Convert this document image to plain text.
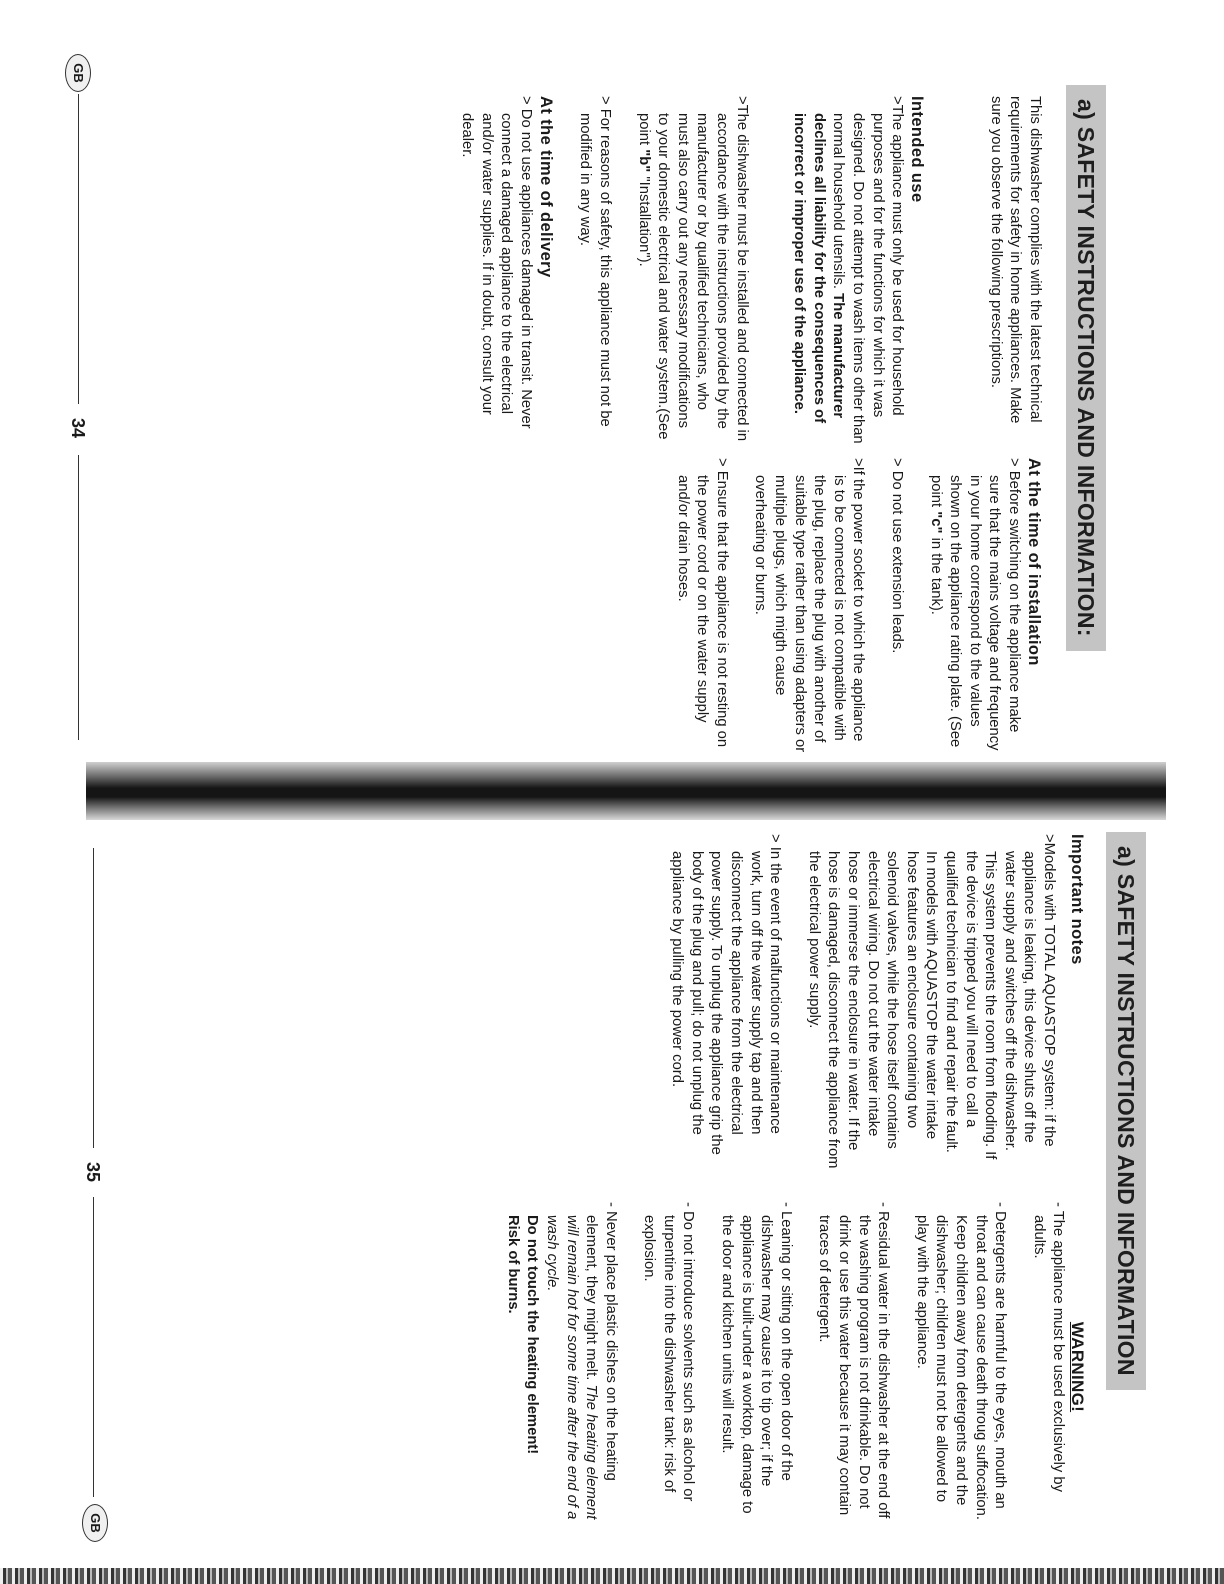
a) SAFETY INSTRUCTIONS AND INFORMATION:

This dishwasher complies with the latest technical requirements for safety in home appliances. Make sure you observe the following prescriptions.

Intended use

>The appliance must only be used for household purposes and for the functions for which it was designed. Do not attempt to wash items other than normal household utensils. The manufacturer declines all liability for the consequences of incorrect or improper use of the appliance.

>The dishwasher must be installed and connected in accordance with the instructions provided by the manufacturer or by qualified technicians, who must also carry out any necessary modifications to your domestic electrical and water system.(See point "b" "Installation").

> For reasons of safety, this appliance must not be modified in any way.

At the time of delivery

> Do not use appliances damaged in transit. Never connect a damaged appliance to the electrical and/or water supplies. If in doubt, consult your dealer.

At the time of installation

> Before switching on the appliance make sure that the mains voltage and frequency in your home correspond to the values shown on the appliance rating plate. (See point "c" in the tank).

> Do not use extension leads.

>If the power socket to which the appliance is to be connected is not compatible with the plug, replace the plug with another of suitable type rather than using adapters or multiple plugs, which migth cause overheating or burns.

> Ensure that the appliance is not resting on the power cord or on the water supply and/or drain hoses.

GB
34
a) SAFETY INSTRUCTIONS AND INFORMATION

Important notes

>Models with TOTAL AQUASTOP system: if the appliance is leaking, this device shuts off the water supply and switches off the dishwasher. This system prevents the room from flooding. If the device is tripped you will need to call a qualified technician to find and repair the fault. In models with AQUASTOP the water intake hose features an enclosure containing two solenoid valves, while the hose itself contains electrical wiring. Do not cut the water intake hose or immerse the enclosure in water. If the hose is damaged, disconnect the appliance from the electrical power supply.

> In the event of malfunctions or maintenance work, turn off the water supply tap and then disconnect the appliance from the electrical power supply. To unplug the appliance grip the body of the plug and pull; do not unplug the appliance by pulling the power cord.

WARNING!

- The appliance must be used exclusively by adults.

- Detergents are harmful to the eyes, mouth an throat and can cause death throug suffocation. Keep children away from detergents and the dishwasher; children must not be allowed to play with the appliance.

- Residual water in the dishwasher at the end off the washing program is not drinkable. Do not drink or use this water because it may contain traces of detergent.

- Leaning or sitting on the open door of the dishwasher may cause it to tip over; if the appliance is built-under a worktop, damage to the door and kitchen units will result.

- Do not introduce solvents such as alcohol or turpentine into the dishwasher tank: risk of explosion.

- Never place plastic dishes on the heating element, they might melt. The heating element will remain hot for some time after the end of a wash cycle.
Do not touch the heating element!
Risk of burns.

35
GB
